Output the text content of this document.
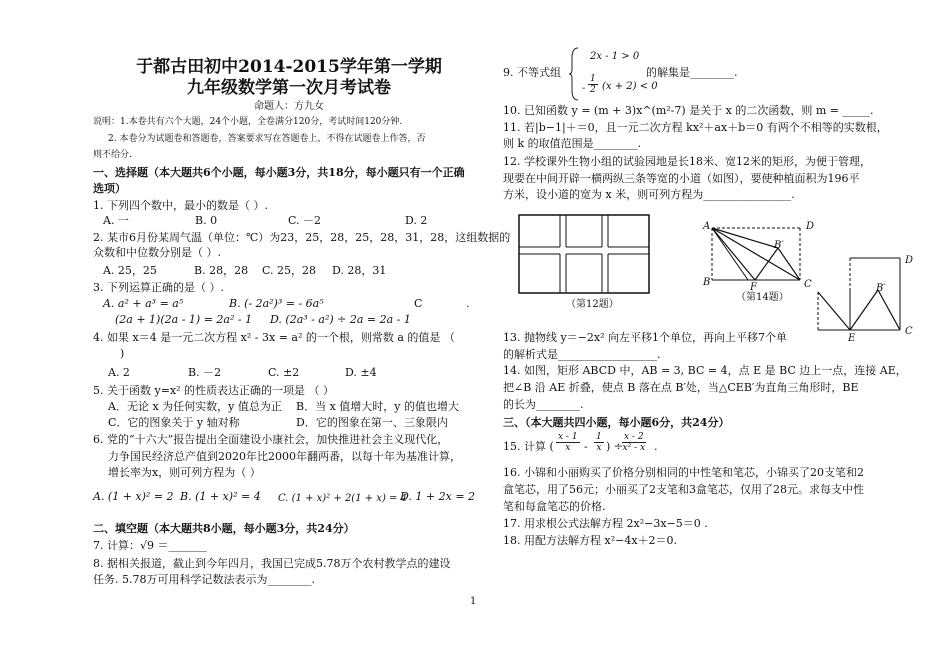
于都古田初中2014-2015学年第一学期
九年级数学第一次月考试卷
命题人：方九女
说明：1.本卷共有六个大题，24个小题，全卷满分120分，考试时间120分钟.
2. 本卷分为试题卷和答题卷，答案要求写在答题卷上，不得在试题卷上作答，否
则不给分.
一、选择题（本大题共6个小题，每小题3分，共18分，每小题只有一个正确
选项）
1. 下列四个数中，最小的数是（ ）.
A. 一	B. 0	C. －2	D. 2
2. 某市6月份某周气温（单位：℃）为23，25，28，25，28，31，28，这组数据的
众数和中位数分别是（ ）.
A. 25，25	B. 28，28 C. 25，28 D. 28，31
3. 下列运算正确的是（ ）.
A. a² + a³ = a⁵	B. (- 2a²)³ = - 6a⁵	C	.
(2a + 1)(2a - 1) = 2a² - 1 D. (2a³ - a²) ÷ 2a = 2a - 1
4. 如果 x＝4 是一元二次方程 x² - 3x = a² 的一个根，则常数 a 的值是 （
)
A. 2	B. －2	C. ±2	D. ±4
5. 关于函数 y=x² 的性质表达正确的一项是 （ ）
A．无论 x 为任何实数，y 值总为正 B．当 x 值增大时，y 的值也增大
C．它的图象关于 y 轴对称	D．它的图象在第一、三象限内
6. 党的“十六大”报告提出全面建设小康社会，加快推进社会主义现代化，
力争国民经济总产值到2020年比2000年翻两番，以每十年为基准计算，
增长率为x，则可列方程为（ ）
A. (1 + x)² = 2 B. (1 + x)² = 4 C. (1 + x)² + 2(1 + x) = 4
D. 1 + 2x = 2
二、填空题（本大题共8小题，每小题3分，共24分）
7. 计算：√9 ＝_______
8. 据相关报道，截止到今年四月，我国已完成5.78万个农村教学点的建设
任务. 5.78万可用科学记数法表示为________.
9. 不等式组
2x - 1 > 0
- $\frac{1}{2} (x + 2) < 0$
的解集是________.
10. 已知函数 y = (m + 3)x^(m²-7) 是关于 x 的二次函数，则 m = _____.
11. 若|b−1|＋＝0，且一元二次方程 kx²＋ax＋b＝0 有两个不相等的实数根，
则 k 的取值范围是________.
12. 学校课外生物小组的试验园地是长18米、宽12米的矩形，为便于管理，
现要在中间开辟一横两纵三条等宽的小道（如图），要使种植面积为196平
方米，设小道的宽为 x 米，则可列方程为________________.
（第12题）
A	D
B′
B	F	C
D
B′
E
C
（第14题）
13. 抛物线 y＝−2x² 向左平移1个单位，再向上平移7个单
的解析式是__________________.
14. 如图，矩形 ABCD 中，AB = 3, BC = 4，点 E 是 BC 边上一点，连接 AE，
把∠B 沿 AE 折叠，使点 B 落在点 B′处，当△CEB′为直角三角形时，BE
的长为________.
三、（本大题共四小题，每小题6分，共24分）
15. 计算 ( $\frac{x - 1}{x} - \frac{1}{x}$ ) ÷
$\frac{x - 2}{\text{x² - x}}$ .
16. 小锦和小丽购买了价格分别相同的中性笔和笔芯，小锦买了20支笔和2
盒笔芯，用了56元；小丽买了2支笔和3盒笔芯，仅用了28元。求每支中性
笔和每盒笔芯的价格.
17. 用求根公式法解方程 2x²−3x−5＝0 .
18. 用配方法解方程 x²−4x＋2＝0.
1
